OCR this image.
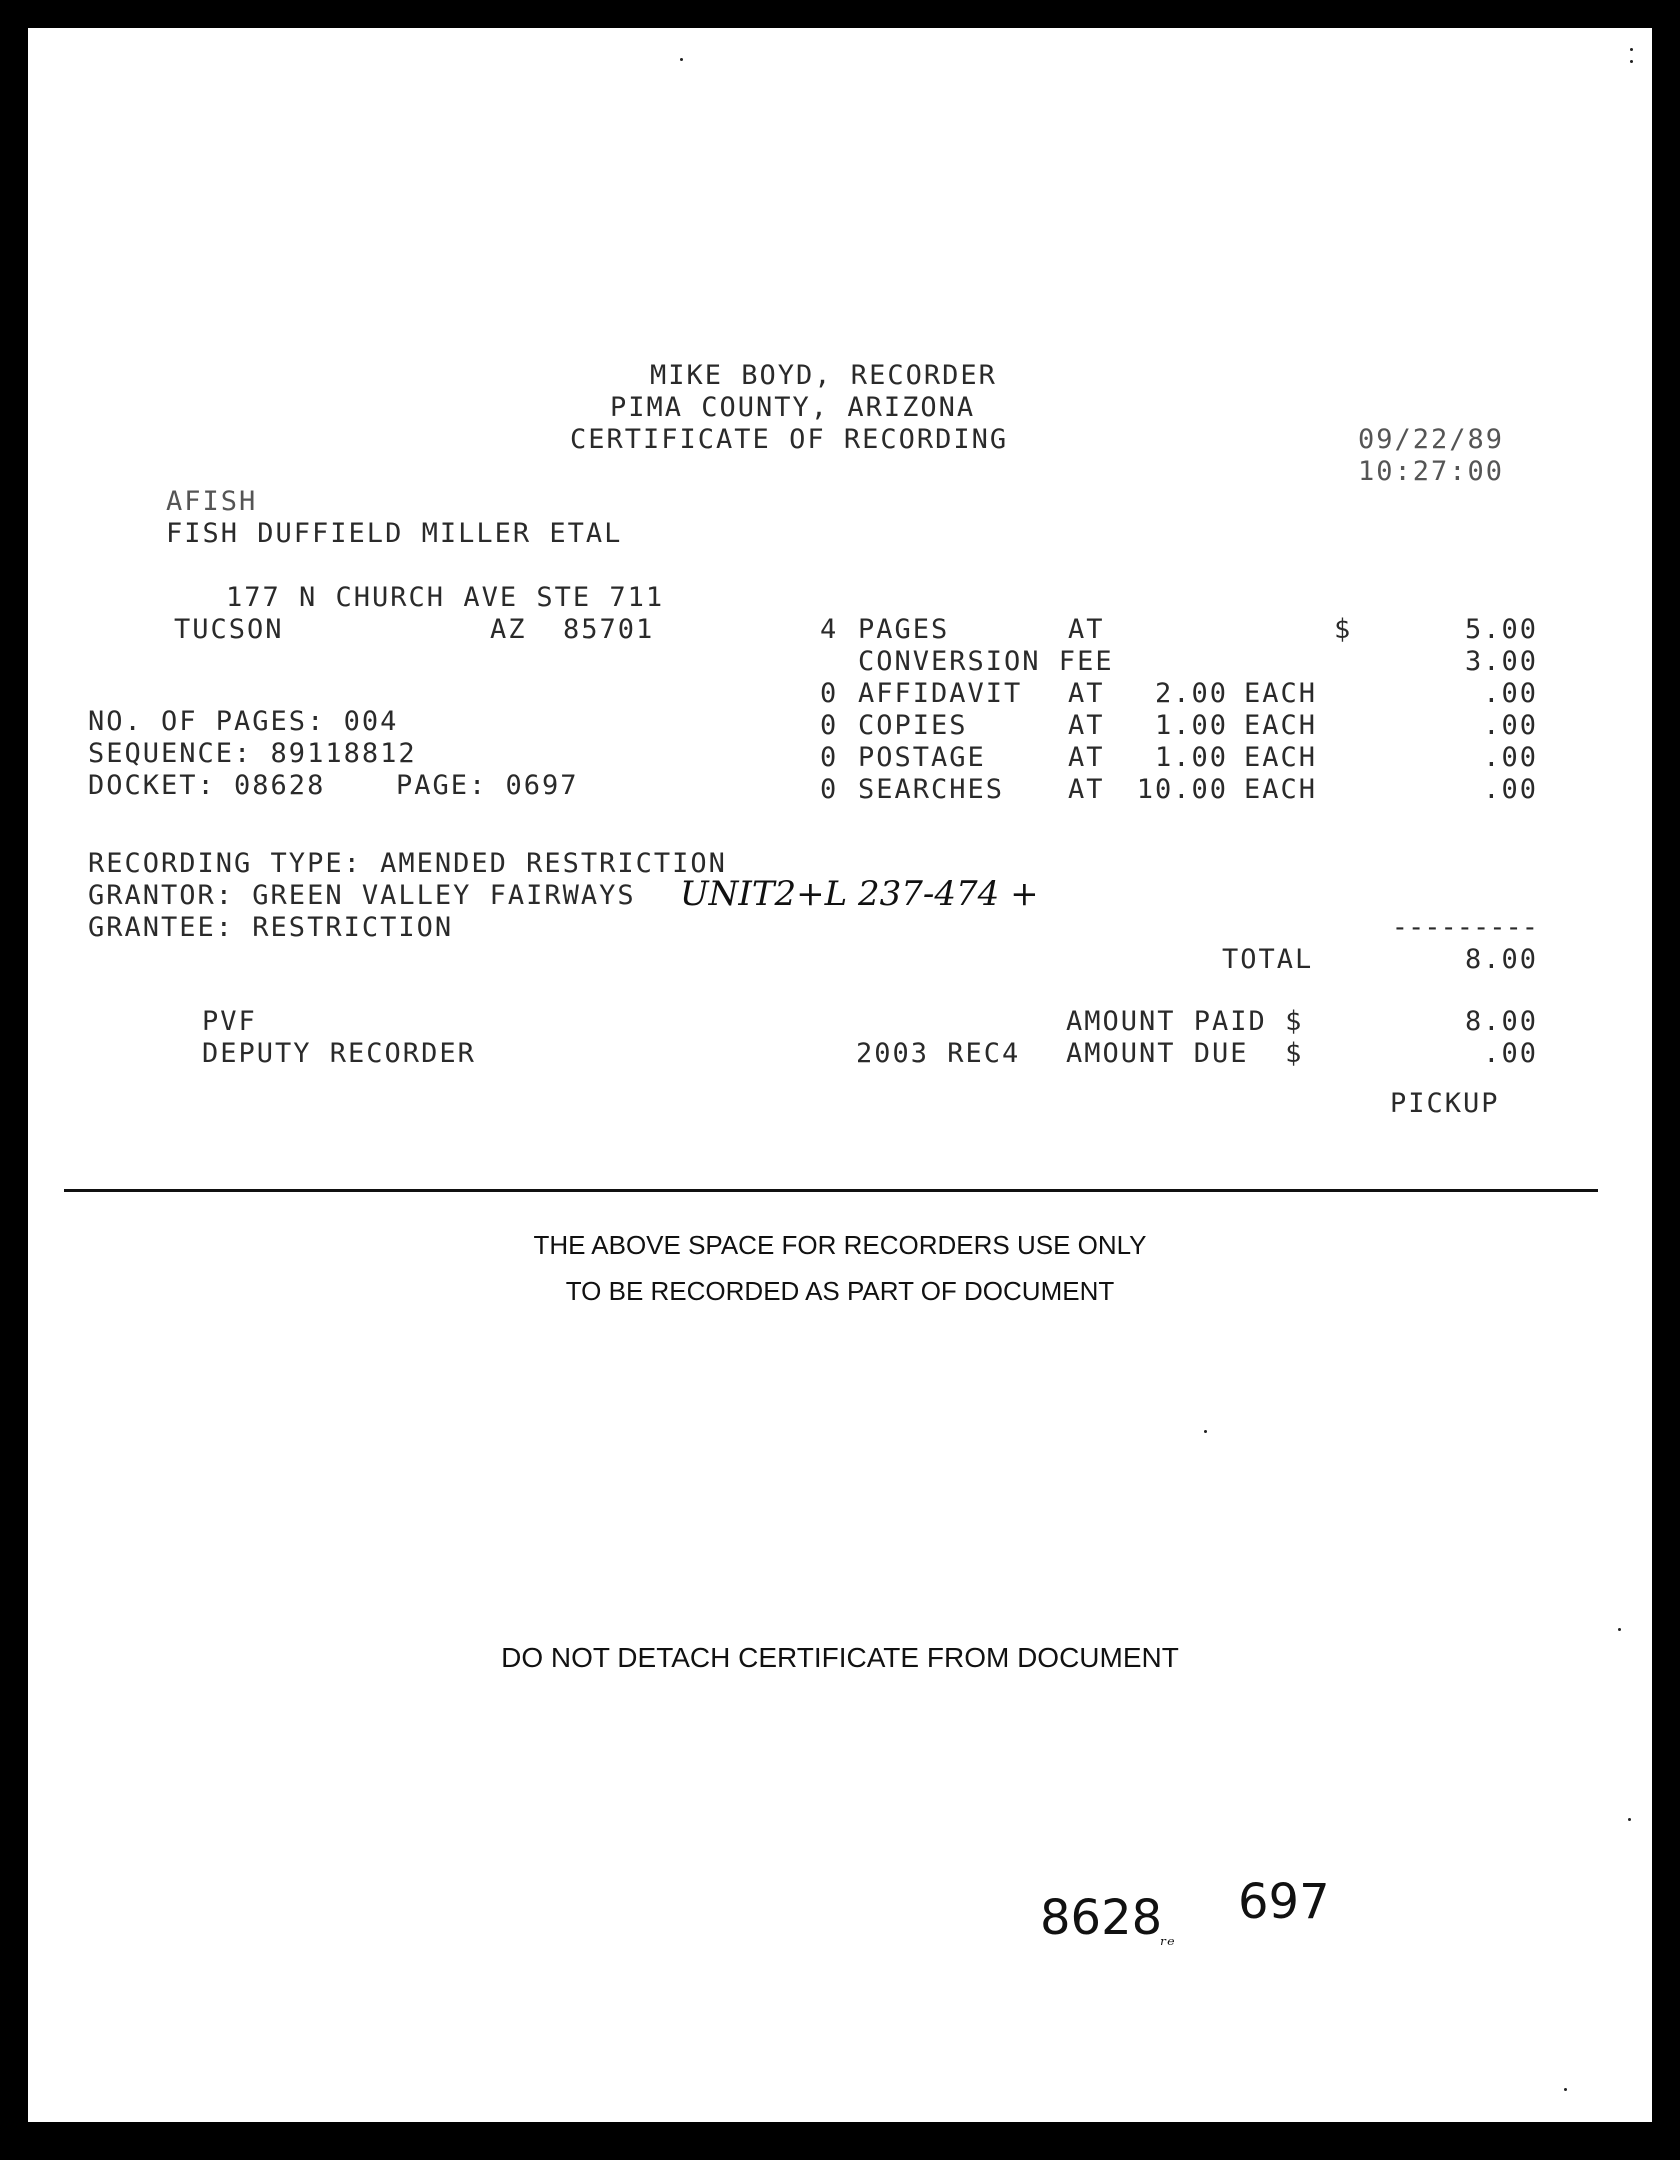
MIKE BOYD, RECORDER
PIMA COUNTY, ARIZONA
CERTIFICATE OF RECORDING	09/22/89
10:27:00
AFISH
FISH DUFFIELD MILLER ETAL
177 N CHURCH AVE STE 711
TUCSON	AZ  85701
NO. OF PAGES: 004
SEQUENCE: 89118812
DOCKET: 08628	PAGE: 0697
4 PAGES	AT	$	5.00
CONVERSION FEE	3.00
0 AFFIDAVIT AT	2.00 EACH	.00
0 COPIES	AT	1.00 EACH	.00
0 POSTAGE	AT	1.00 EACH	.00
0 SEARCHES AT	10.00 EACH	.00
RECORDING TYPE: AMENDED RESTRICTION
GRANTOR: GREEN VALLEY FAIRWAYS UNIT2+L 237-474 +
GRANTEE: RESTRICTION	---------
TOTAL	8.00
PVF
DEPUTY RECORDER
AMOUNT PAID $	8.00
2003 REC4 AMOUNT DUE  $	.00
PICKUP
THE ABOVE SPACE FOR RECORDERS USE ONLY
TO BE RECORDED AS PART OF DOCUMENT
DO NOT DETACH CERTIFICATE FROM DOCUMENT
8628
ᵣₑ
697
